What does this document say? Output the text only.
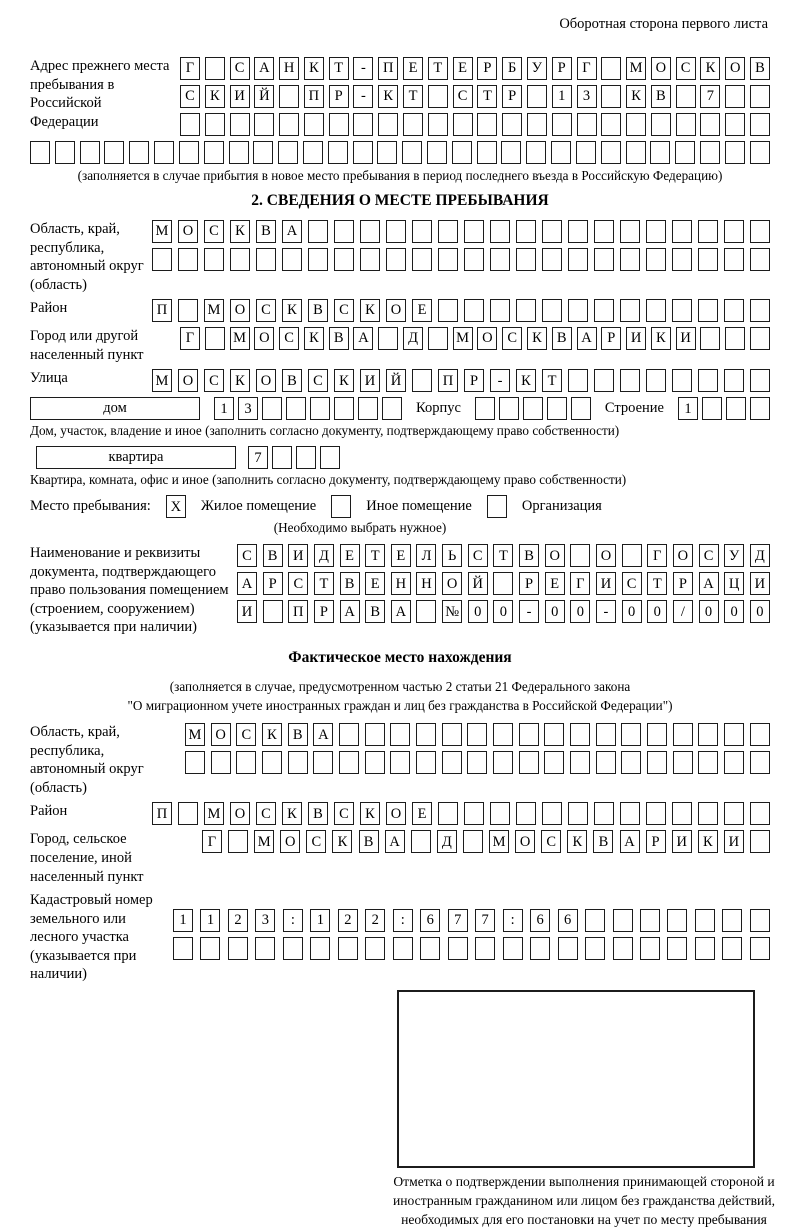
Оборотная сторона первого листа
Адрес прежнего места пребывания в Российской Федерации
Г	С	А Н	К	Т	-	П	Е	Т	Е	Р	Б	У	Р	Г	М О	С	К	О	В
С	К	И Й	П	Р	-	К	Т	С	Т	Р	1	3	К	В	7
(заполняется в случае прибытия в новое место пребывания в период последнего въезда в Российскую Федерацию)
2. СВЕДЕНИЯ О МЕСТЕ ПРЕБЫВАНИЯ
Область, край, республика, автономный округ (область)
М О	С	К	В	А
Район	П	М О	С	К	В	С	К	О	Е
Город или другой населенный пункт
Г	М О	С	К	В	А	Д	М О	С	К	В	А	Р	И	К	И
Улица	М О	С	К	О	В	С	К	И	Й	П	Р	-	К	Т
дом	1	3	Корпус	Строение	1
Дом, участок, владение и иное (заполнить согласно документу, подтверждающему право собственности)
квартира	7
Квартира, комната, офис и иное (заполнить согласно документу, подтверждающему право собственности)
Место пребывания:	X	Жилое помещение	Иное помещение	Организация
(Необходимо выбрать нужное)
Наименование и реквизиты документа, подтверждающего право пользования помещением (строением, сооружением) (указывается при наличии)
С	В	И	Д	Е	Т	Е	Л	Ь	С	Т	В	О	О	Г	О	С	У	Д
А	Р	С	Т	В	Е	Н	Н	О	Й	Р	Е	Г	И	С	Т	Р	А	Ц	И
И	П	Р	А	В	А	№	0	0	-	0	0	-	0	0	/	0	0	0
Фактическое место нахождения
(заполняется в случае, предусмотренном частью 2 статьи 21 Федерального закона
"О миграционном учете иностранных граждан и лиц без гражданства в Российской Федерации")
Область, край, республика, автономный округ (область)
М О	С	К	В	А
Район	П	М О	С	К	В	С	К	О	Е
Город, сельское поселение, иной населенный пункт
Г	М О	С	К	В	А	Д	М О	С	К	В	А	Р	И	К	И
Кадастровый номер земельного или лесного участка (указывается при наличии)
1	1	2	3	:	1	2	2	:	6	7	7	:	6	6
Отметка о подтверждении выполнения принимающей стороной и иностранным гражданином или лицом без гражданства действий, необходимых для его постановки на учет по месту пребывания
